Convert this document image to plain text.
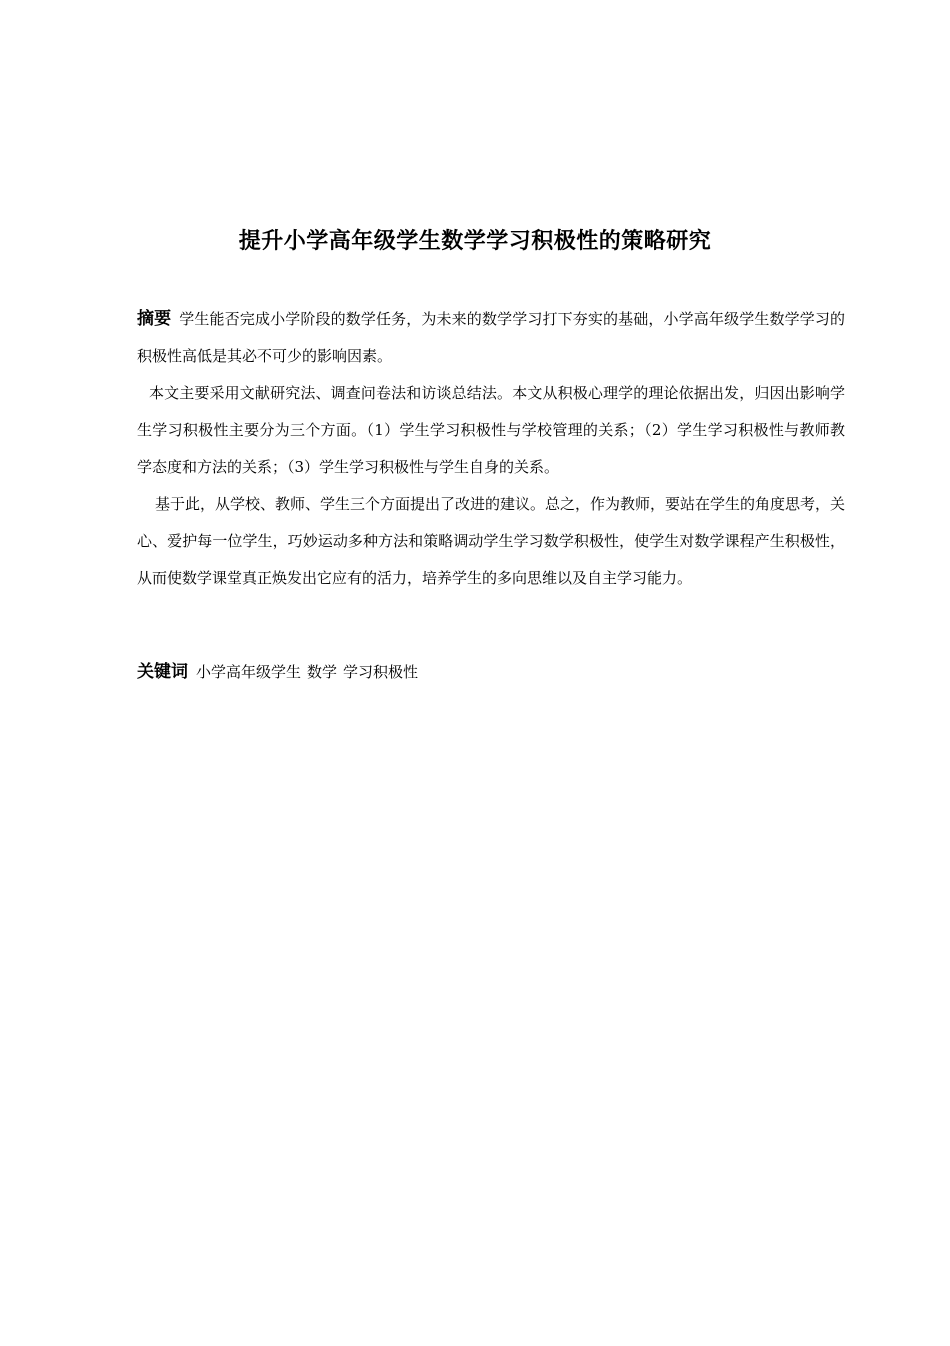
提升小学高年级学生数学学习积极性的策略研究

摘要 学生能否完成小学阶段的数学任务，为未来的数学学习打下夯实的基础，小学高年级学生数学学习的积极性高低是其必不可少的影响因素。

本文主要采用文献研究法、调查问卷法和访谈总结法。本文从积极心理学的理论依据出发，归因出影响学生学习积极性主要分为三个方面。（1）学生学习积极性与学校管理的关系；（2）学生学习积极性与教师教学态度和方法的关系；（3）学生学习积极性与学生自身的关系。

基于此，从学校、教师、学生三个方面提出了改进的建议。总之，作为教师，要站在学生的角度思考，关心、爱护每一位学生，巧妙运动多种方法和策略调动学生学习数学积极性，使学生对数学课程产生积极性，从而使数学课堂真正焕发出它应有的活力，培养学生的多向思维以及自主学习能力。

关键词 小学高年级学生 数学 学习积极性
